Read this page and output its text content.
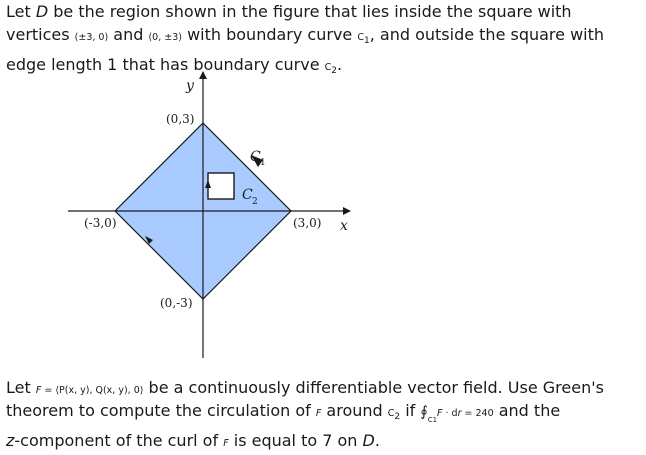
Let D be the region shown in the figure that lies inside the square with
vertices (±3, 0) and (0, ±3) with boundary curve C1, and outside the square with
edge length 1 that has boundary curve C2.
y
x
(0,3)
(-3,0)	(3,0)
(0,-3)
C 1
C 2
Let F = ⟨P(x, y), Q(x, y), 0⟩ be a continuously differentiable vector field. Use Green's
theorem to compute the circulation of F around C2 if $∮_{C1}F$ · dr = 240 and the
z-component of the curl of F is equal to 7 on D.
